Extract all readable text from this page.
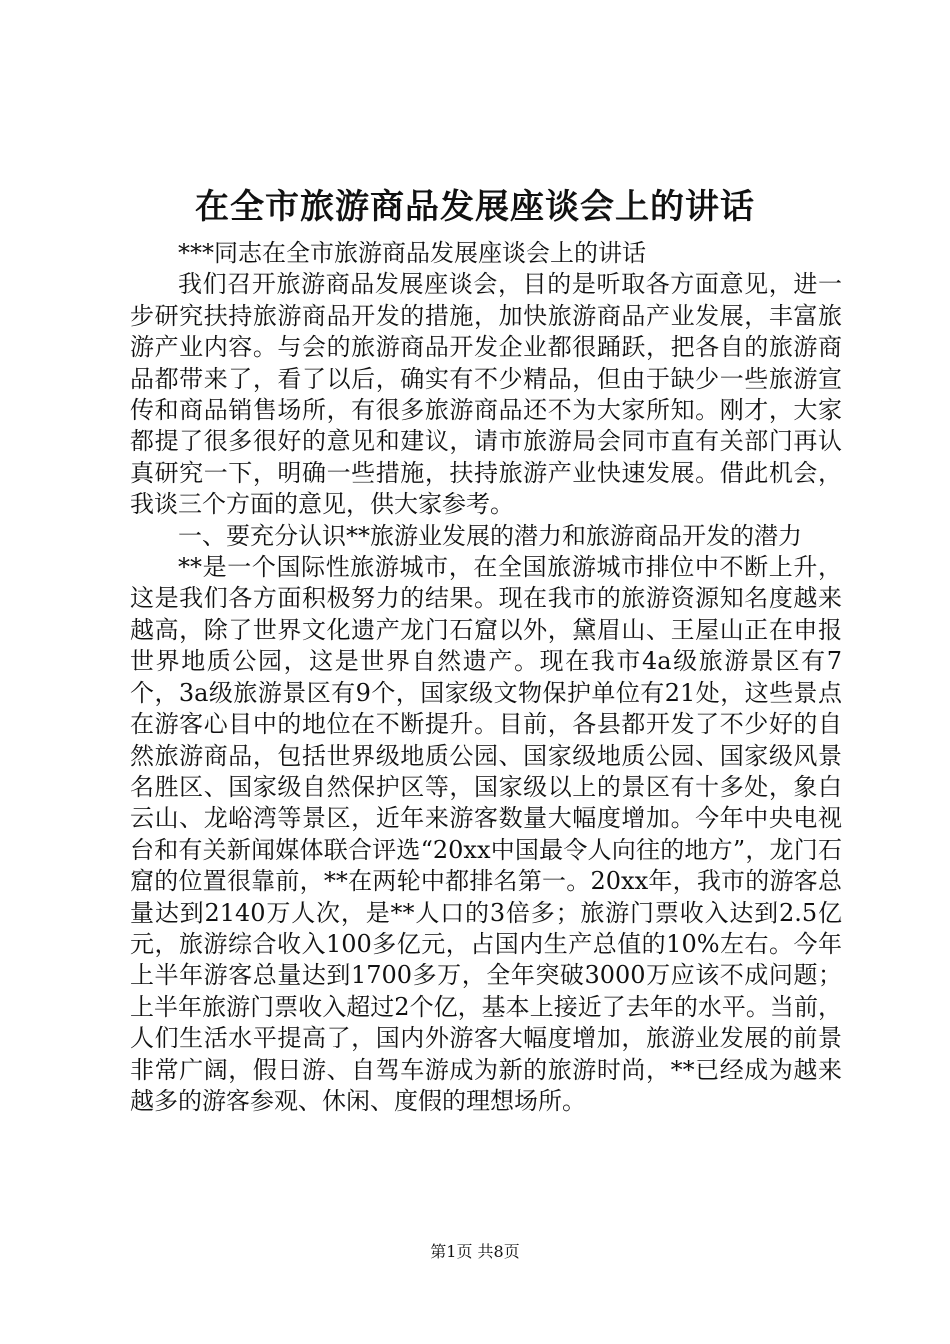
在全市旅游商品发展座谈会上的讲话

***同志在全市旅游商品发展座谈会上的讲话

我们召开旅游商品发展座谈会，目的是听取各方面意见，进一步研究扶持旅游商品开发的措施，加快旅游商品产业发展，丰富旅游产业内容。与会的旅游商品开发企业都很踊跃，把各自的旅游商品都带来了，看了以后，确实有不少精品，但由于缺少一些旅游宣传和商品销售场所，有很多旅游商品还不为大家所知。刚才，大家都提了很多很好的意见和建议，请市旅游局会同市直有关部门再认真研究一下，明确一些措施，扶持旅游产业快速发展。借此机会，我谈三个方面的意见，供大家参考。

一、要充分认识**旅游业发展的潜力和旅游商品开发的潜力

**是一个国际性旅游城市，在全国旅游城市排位中不断上升，这是我们各方面积极努力的结果。现在我市的旅游资源知名度越来越高，除了世界文化遗产龙门石窟以外，黛眉山、王屋山正在申报世界地质公园，这是世界自然遗产。现在我市4a级旅游景区有7个，3a级旅游景区有9个，国家级文物保护单位有21处，这些景点在游客心目中的地位在不断提升。目前，各县都开发了不少好的自然旅游商品，包括世界级地质公园、国家级地质公园、国家级风景名胜区、国家级自然保护区等，国家级以上的景区有十多处，象白云山、龙峪湾等景区，近年来游客数量大幅度增加。今年中央电视台和有关新闻媒体联合评选“20xx中国最令人向往的地方”，龙门石窟的位置很靠前，**在两轮中都排名第一。20xx年，我市的游客总量达到2140万人次，是**人口的3倍多；旅游门票收入达到2.5亿元，旅游综合收入100多亿元，占国内生产总值的10%左右。今年上半年游客总量达到1700多万，全年突破3000万应该不成问题；上半年旅游门票收入超过2个亿，基本上接近了去年的水平。当前，人们生活水平提高了，国内外游客大幅度增加，旅游业发展的前景非常广阔，假日游、自驾车游成为新的旅游时尚，**已经成为越来越多的游客参观、休闲、度假的理想场所。

第1页 共8页
